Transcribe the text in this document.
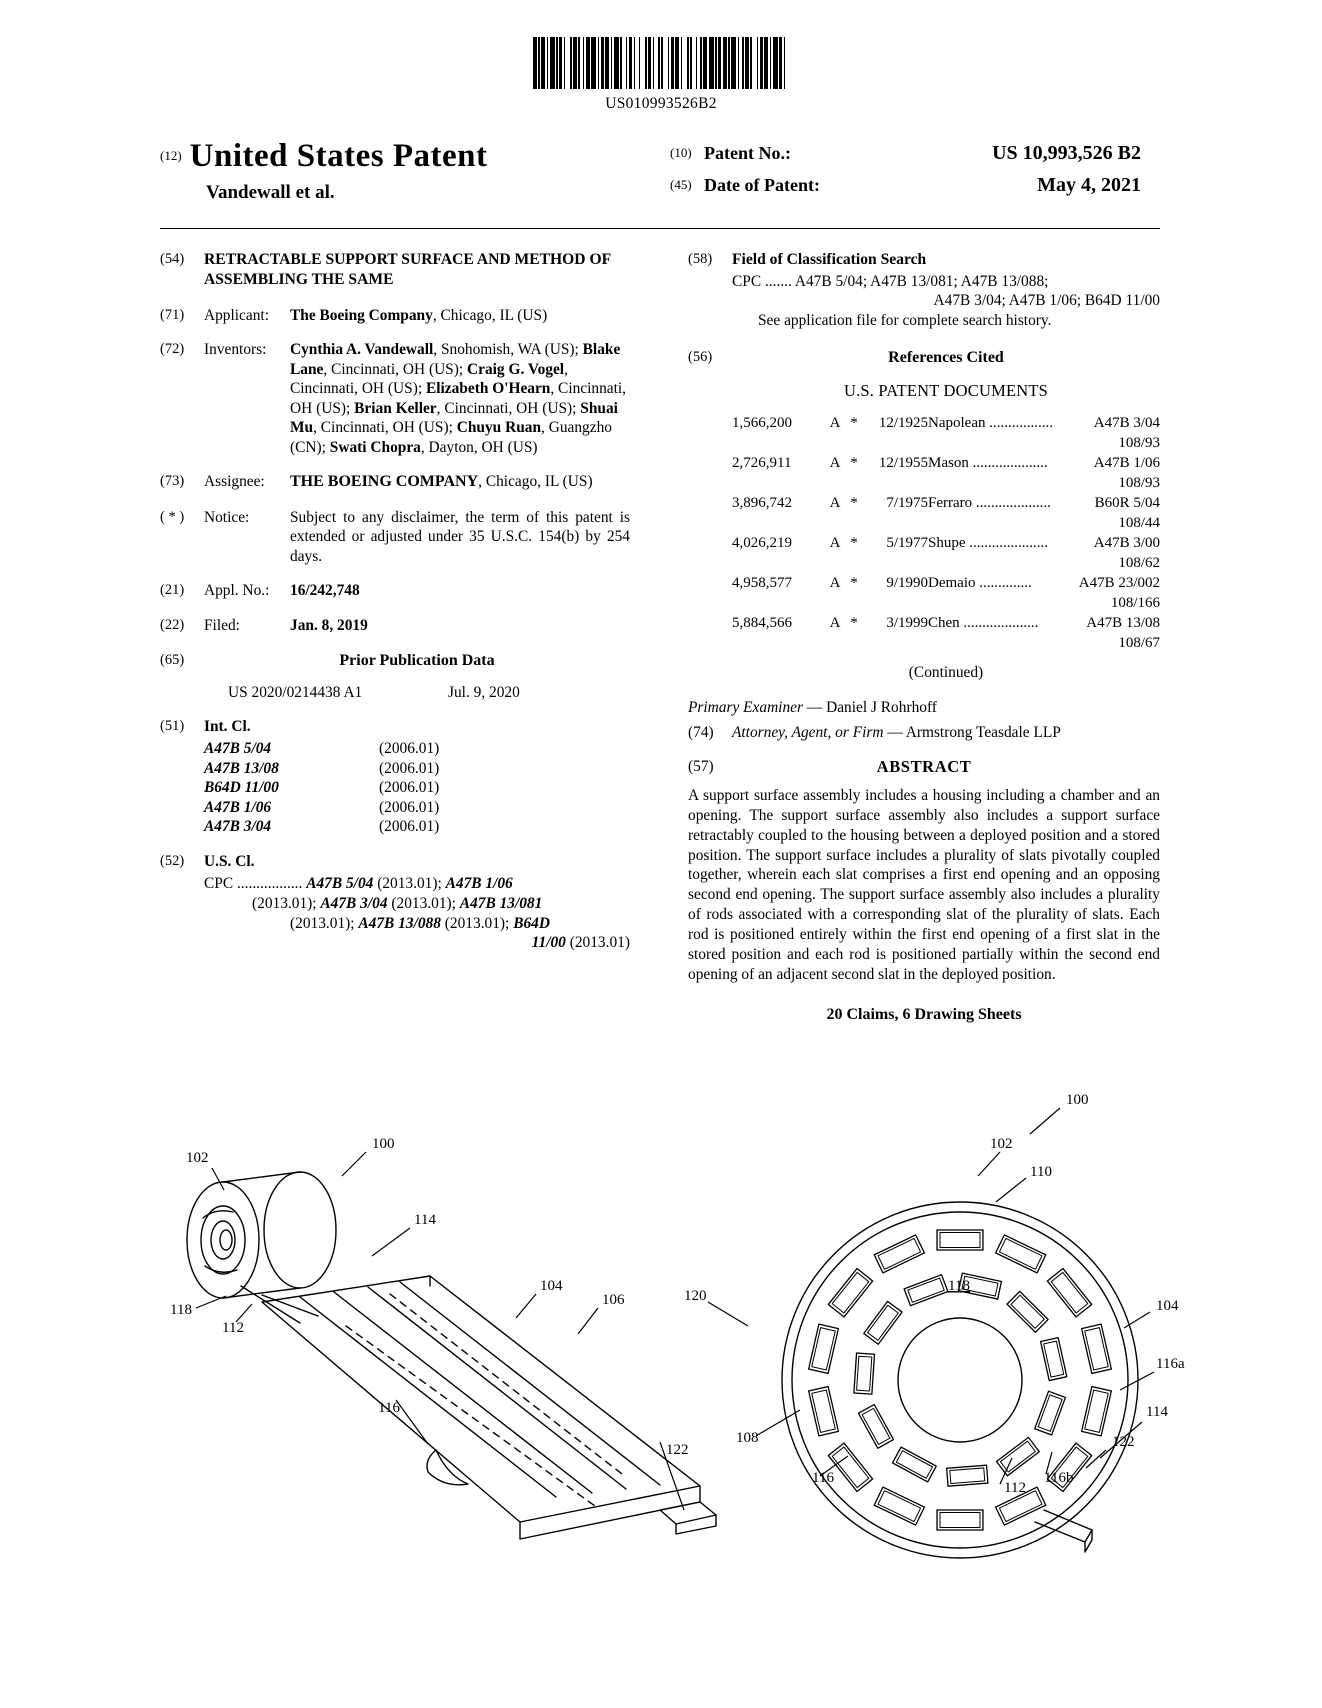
US010993526B2
(12) United States Patent
Vandewall et al.
(10) Patent No.:	US 10,993,526 B2
(45) Date of Patent:	May 4, 2021
(54)	RETRACTABLE SUPPORT SURFACE AND METHOD OF ASSEMBLING THE SAME
(71)	Applicant:	The Boeing Company, Chicago, IL (US)
(72)	Inventors:	Cynthia A. Vandewall, Snohomish, WA (US); Blake Lane, Cincinnati, OH (US); Craig G. Vogel, Cincinnati, OH (US); Elizabeth O'Hearn, Cincinnati, OH (US); Brian Keller, Cincinnati, OH (US); Shuai Mu, Cincinnati, OH (US); Chuyu Ruan, Guangzho (CN); Swati Chopra, Dayton, OH (US)
(73)	Assignee:	THE BOEING COMPANY, Chicago, IL (US)
( * )	Notice:	Subject to any disclaimer, the term of this patent is extended or adjusted under 35 U.S.C. 154(b) by 254 days.
(21)	Appl. No.:	16/242,748
(22)	Filed:	Jan. 8, 2019
(65)	Prior Publication Data
US 2020/0214438 A1	Jul. 9, 2020
(51)	Int. Cl.
A47B 5/04	(2006.01)
A47B 13/08	(2006.01)
B64D 11/00	(2006.01)
A47B 1/06	(2006.01)
A47B 3/04	(2006.01)
(52)	U.S. Cl.
CPC ................. A47B 5/04 (2013.01); A47B 1/06
(2013.01); A47B 3/04 (2013.01); A47B 13/081
(2013.01); A47B 13/088 (2013.01); B64D
11/00 (2013.01)
(58)	Field of Classification Search
CPC ....... A47B 5/04; A47B 13/081; A47B 13/088;
A47B 3/04; A47B 1/06; B64D 11/00
See application file for complete search history.
(56)	References Cited
U.S. PATENT DOCUMENTS
1,566,200	A	*	12/1925	Napolean .................	A47B 3/04
108/93					
2,726,911	A	*	12/1955	Mason ....................	A47B 1/06
108/93					
3,896,742	A	*	7/1975	Ferraro ....................	B60R 5/04
108/44					
4,026,219	A	*	5/1977	Shupe .....................	A47B 3/00
108/62					
4,958,577	A	*	9/1990	Demaio ..............	A47B 23/002
108/166					
5,884,566	A	*	3/1999	Chen ....................	A47B 13/08
108/67					
(Continued)
Primary Examiner — Daniel J Rohrhoff
(74)	Attorney, Agent, or Firm — Armstrong Teasdale LLP
(57)	ABSTRACT
A support surface assembly includes a housing including a chamber and an opening. The support surface assembly also includes a support surface retractably coupled to the housing between a deployed position and a stored position. The support surface includes a plurality of slats pivotally coupled together, wherein each slat comprises a first end opening and an opposing second end opening. The support surface assembly also includes a plurality of rods associated with a corresponding slat of the plurality of slats. Each rod is positioned entirely within the first end opening of a first slat in the stored position and each rod is positioned partially within the second end opening of an adjacent second slat in the deployed position.
20 Claims, 6 Drawing Sheets
100
102
114
104
106
118
112
116
122
100
102
110
118
120
104
116a
114
108
116
112
116b
122
